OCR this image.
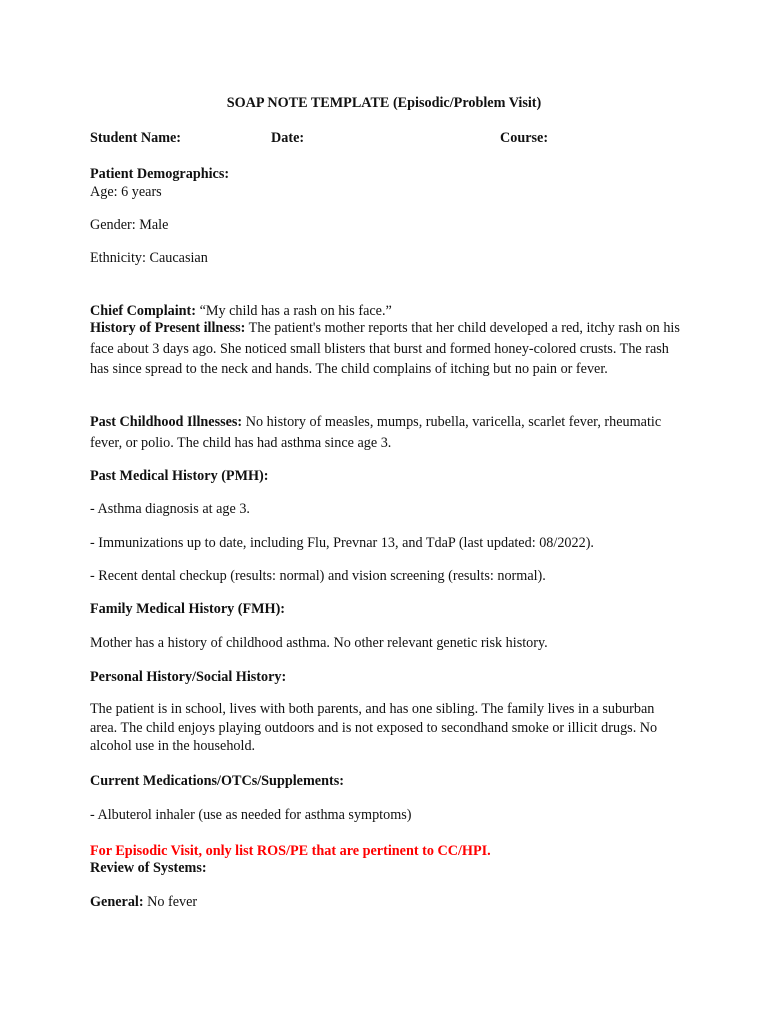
SOAP NOTE TEMPLATE (Episodic/Problem Visit)
Student Name:	Date:	Course:
Patient Demographics:
Age: 6 years
Gender: Male
Ethnicity: Caucasian
Chief Complaint: “My child has a rash on his face.”
History of Present illness: The patient's mother reports that her child developed a red, itchy rash on his face about 3 days ago. She noticed small blisters that burst and formed honey-colored crusts. The rash has since spread to the neck and hands. The child complains of itching but no pain or fever.
Past Childhood Illnesses: No history of measles, mumps, rubella, varicella, scarlet fever, rheumatic fever, or polio. The child has had asthma since age 3.
Past Medical History (PMH):
- Asthma diagnosis at age 3.
- Immunizations up to date, including Flu, Prevnar 13, and TdaP (last updated: 08/2022).
- Recent dental checkup (results: normal) and vision screening (results: normal).
Family Medical History (FMH):
Mother has a history of childhood asthma. No other relevant genetic risk history.
Personal History/Social History:
The patient is in school, lives with both parents, and has one sibling. The family lives in a suburban area. The child enjoys playing outdoors and is not exposed to secondhand smoke or illicit drugs. No alcohol use in the household.
Current Medications/OTCs/Supplements:
- Albuterol inhaler (use as needed for asthma symptoms)
For Episodic Visit, only list ROS/PE that are pertinent to CC/HPI.
Review of Systems:
General: No fever
